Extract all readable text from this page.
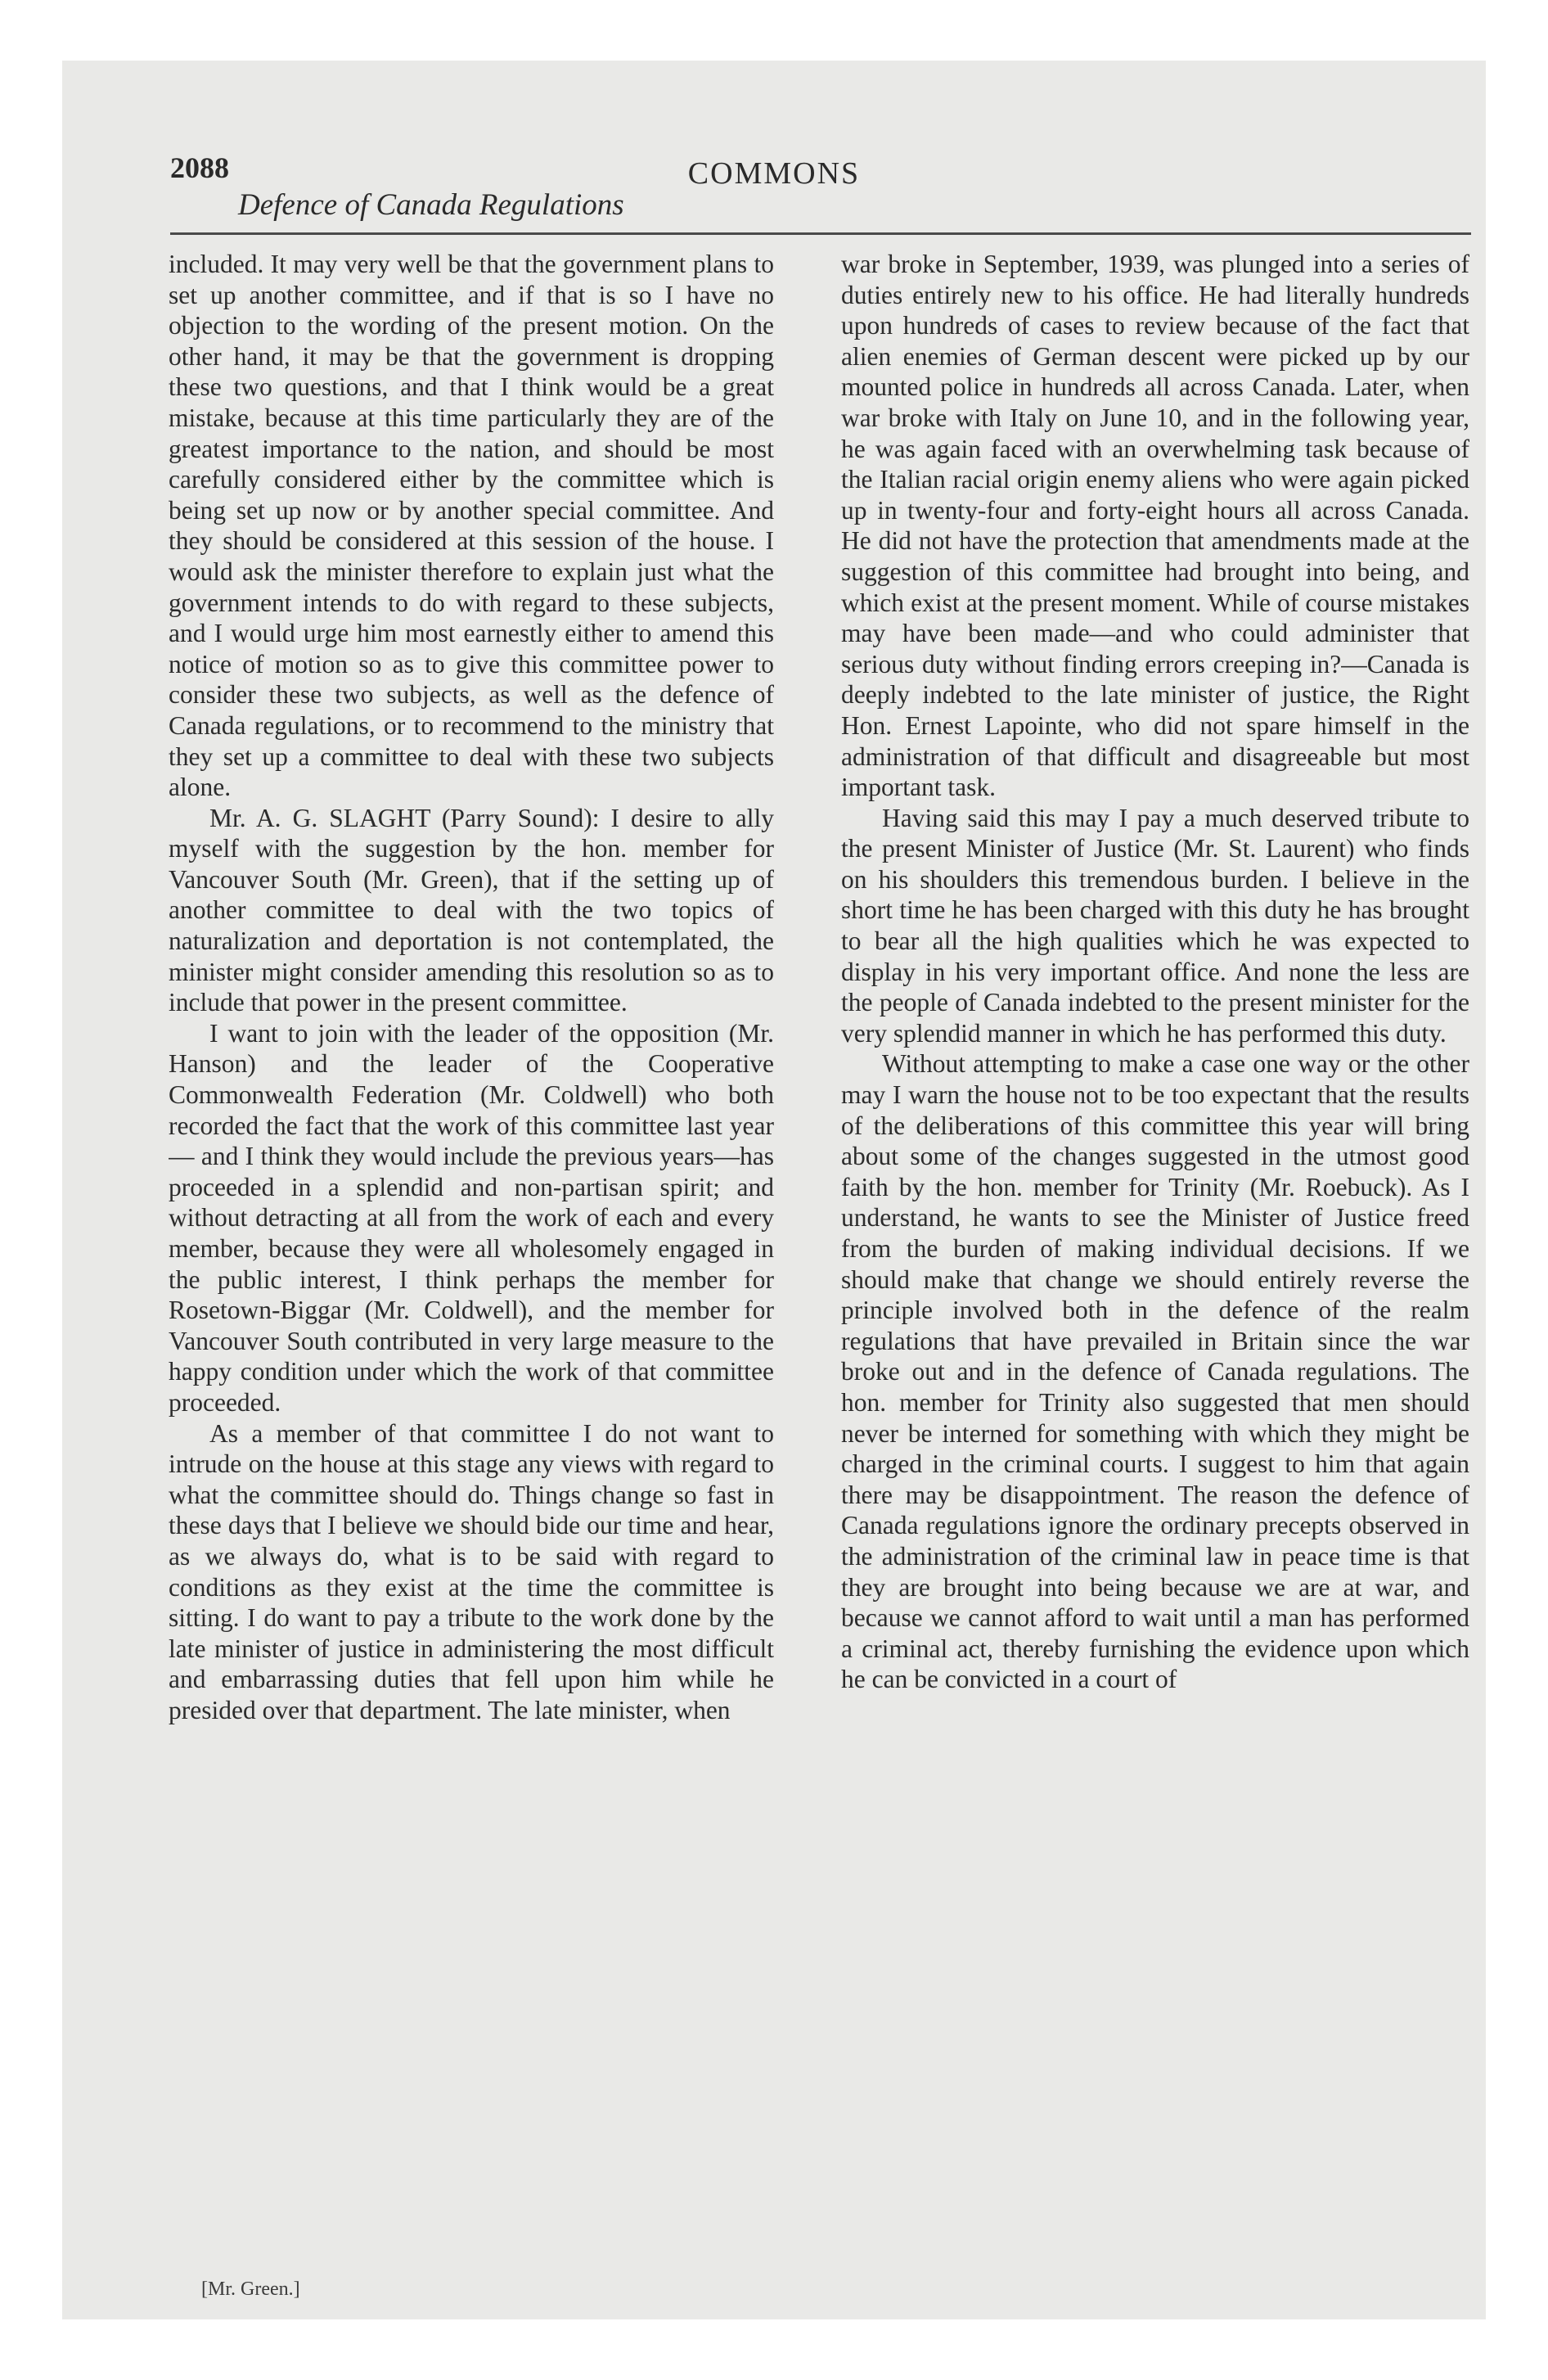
2088	COMMONS
Defence of Canada Regulations

included. It may very well be that the government plans to set up another committee, and if that is so I have no objection to the wording of the present motion. On the other hand, it may be that the government is dropping these two questions, and that I think would be a great mistake, because at this time particularly they are of the greatest importance to the nation, and should be most carefully considered either by the committee which is being set up now or by another special committee. And they should be considered at this session of the house. I would ask the minister therefore to explain just what the government intends to do with regard to these subjects, and I would urge him most earnestly either to amend this notice of motion so as to give this committee power to consider these two subjects, as well as the defence of Canada regulations, or to recommend to the ministry that they set up a committee to deal with these two subjects alone.

Mr. A. G. SLAGHT (Parry Sound): I desire to ally myself with the suggestion by the hon. member for Vancouver South (Mr. Green), that if the setting up of another committee to deal with the two topics of naturalization and deportation is not contemplated, the minister might consider amending this resolution so as to include that power in the present committee.

I want to join with the leader of the opposition (Mr. Hanson) and the leader of the Cooperative Commonwealth Federation (Mr. Coldwell) who both recorded the fact that the work of this committee last year— and I think they would include the previous years—has proceeded in a splendid and non-partisan spirit; and without detracting at all from the work of each and every member, because they were all wholesomely engaged in the public interest, I think perhaps the member for Rosetown-Biggar (Mr. Coldwell), and the member for Vancouver South contributed in very large measure to the happy condition under which the work of that committee proceeded.

As a member of that committee I do not want to intrude on the house at this stage any views with regard to what the committee should do. Things change so fast in these days that I believe we should bide our time and hear, as we always do, what is to be said with regard to conditions as they exist at the time the committee is sitting. I do want to pay a tribute to the work done by the late minister of justice in administering the most difficult and embarrassing duties that fell upon him while he presided over that department. The late minister, when

war broke in September, 1939, was plunged into a series of duties entirely new to his office. He had literally hundreds upon hundreds of cases to review because of the fact that alien enemies of German descent were picked up by our mounted police in hundreds all across Canada. Later, when war broke with Italy on June 10, and in the following year, he was again faced with an overwhelming task because of the Italian racial origin enemy aliens who were again picked up in twenty-four and forty-eight hours all across Canada. He did not have the protection that amendments made at the suggestion of this committee had brought into being, and which exist at the present moment. While of course mistakes may have been made—and who could administer that serious duty without finding errors creeping in?—Canada is deeply indebted to the late minister of justice, the Right Hon. Ernest Lapointe, who did not spare himself in the administration of that difficult and disagreeable but most important task.

Having said this may I pay a much deserved tribute to the present Minister of Justice (Mr. St. Laurent) who finds on his shoulders this tremendous burden. I believe in the short time he has been charged with this duty he has brought to bear all the high qualities which he was expected to display in his very important office. And none the less are the people of Canada indebted to the present minister for the very splendid manner in which he has performed this duty.

Without attempting to make a case one way or the other may I warn the house not to be too expectant that the results of the deliberations of this committee this year will bring about some of the changes suggested in the utmost good faith by the hon. member for Trinity (Mr. Roebuck). As I understand, he wants to see the Minister of Justice freed from the burden of making individual decisions. If we should make that change we should entirely reverse the principle involved both in the defence of the realm regulations that have prevailed in Britain since the war broke out and in the defence of Canada regulations. The hon. member for Trinity also suggested that men should never be interned for something with which they might be charged in the criminal courts. I suggest to him that again there may be disappointment. The reason the defence of Canada regulations ignore the ordinary precepts observed in the administration of the criminal law in peace time is that they are brought into being because we are at war, and because we cannot afford to wait until a man has performed a criminal act, thereby furnishing the evidence upon which he can be convicted in a court of

[Mr. Green.]
